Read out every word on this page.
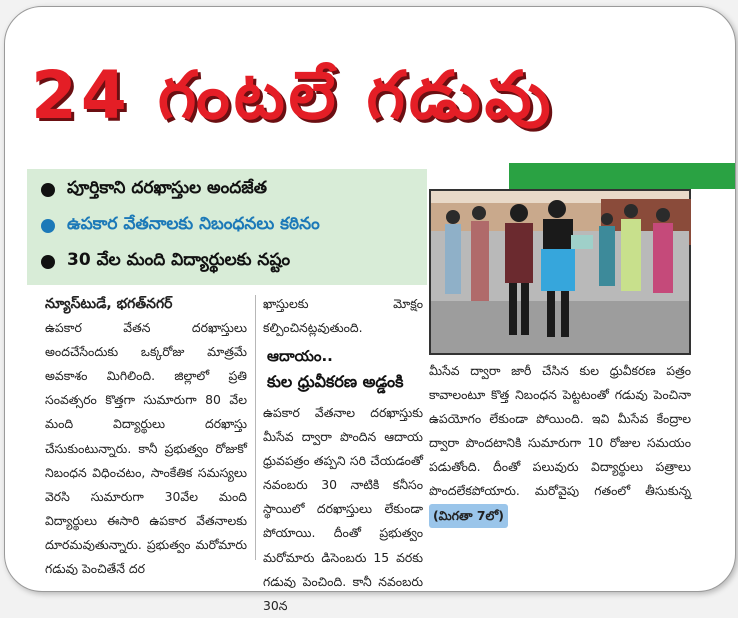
24 గంటలే గడువు
పూర్తికాని దరఖాస్తుల అందజేత
ఉపకార వేతనాలకు నిబంధనలు కఠినం
30 వేల మంది విద్యార్థులకు నష్టం

న్యూస్‌టుడే, భగత్‌నగర్

ఉపకార వేతన దరఖాస్తులు అందచేసేందుకు ఒక్కరోజు మాత్రమే అవకాశం మిగిలింది. జిల్లాలో ప్రతి సంవత్సరం కొత్తగా సుమారుగా 80 వేల మంది విద్యార్థులు దరఖాస్తు చేసుకుంటున్నారు. కానీ ప్రభుత్వం రోజుకో నిబంధన విధించటం, సాంకేతిక సమస్యలు వెరసి సుమారుగా 30వేల మంది విద్యార్థులు ఈసారి ఉపకార వేతనాలకు దూరమవుతున్నారు. ప్రభుత్వం మరోమారు గడువు పెంచితేనే దర

ఖాస్తులకు మోక్షం కల్పించినట్లవుతుంది.

ఆదాయం..
కుల ధ్రువీకరణ అడ్డంకి

ఉపకార వేతనాల దరఖాస్తుకు మీసేవ ద్వారా పొందిన ఆదాయ ధ్రువపత్రం తప్పని సరి చేయడంతో నవంబరు 30 నాటికి కనీసం స్థాయిలో దరఖాస్తులు లేకుండా పోయాయి. దీంతో ప్రభుత్వం మరోమారు డిసెంబరు 15 వరకు గడువు పెంచింది. కానీ నవంబరు 30న

మీసేవ ద్వారా జారీ చేసిన కుల ధ్రువీకరణ పత్రం కావాలంటూ కొత్త నిబంధన పెట్టటంతో గడువు పెంచినా ఉపయోగం లేకుండా పోయింది. ఇవి మీసేవ కేంద్రాల ద్వారా పొందటానికి సుమారుగా 10 రోజుల సమయం పడుతోంది. దీంతో పలువురు విద్యార్థులు పత్రాలు పొందలేకపోయారు. మరోవైపు గతంలో తీసుకున్న (మిగతా 7లో)
